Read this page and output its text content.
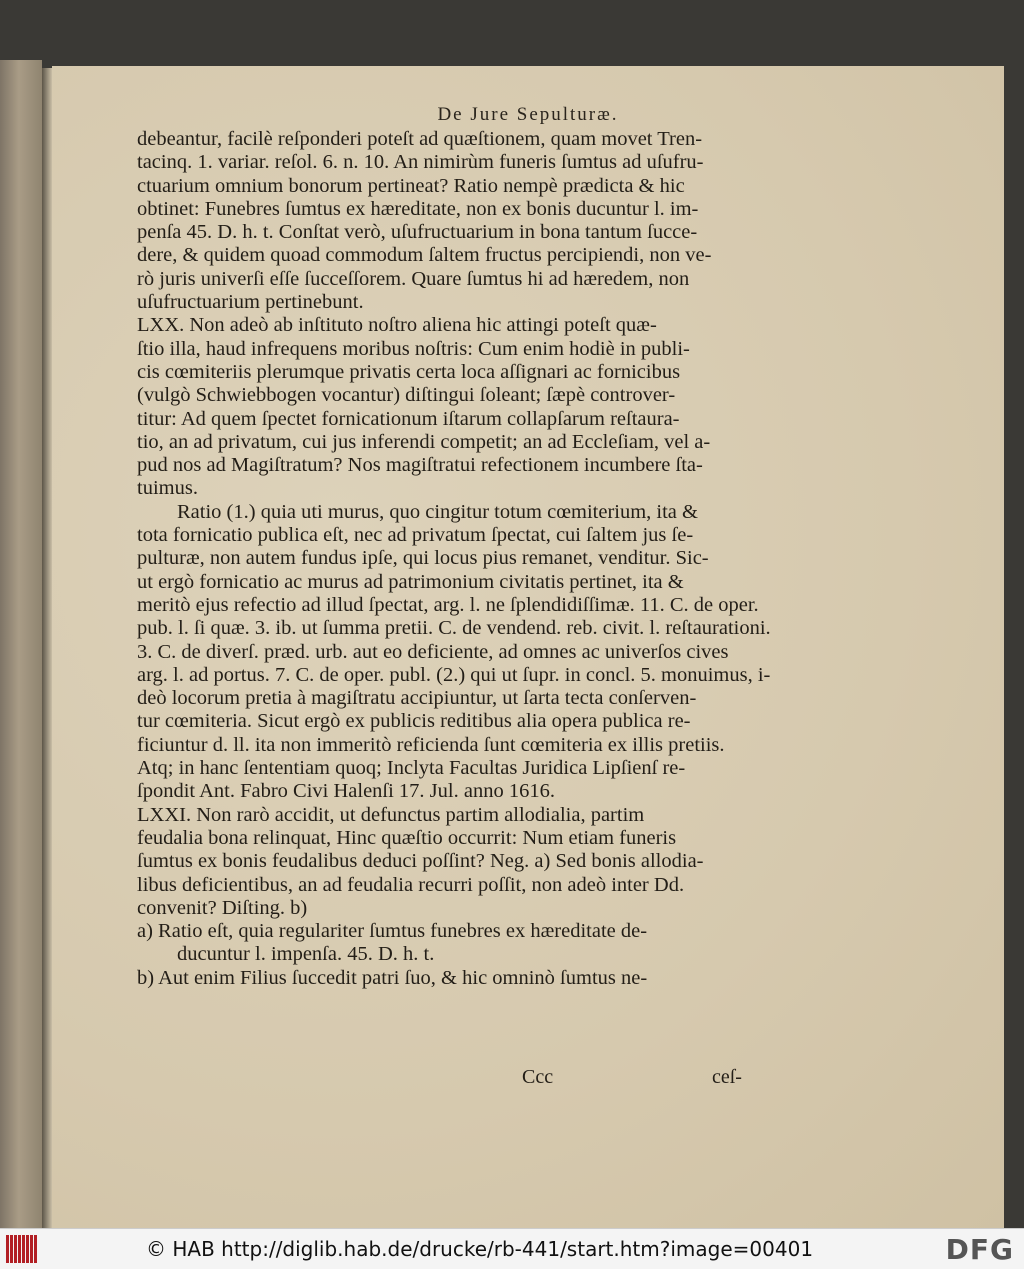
De Jure Sepulturæ.
debeantur, facilè reſponderi poteſt ad quæſtionem, quam movet Tren-
tacinq. 1. variar. reſol. 6. n. 10. An nimirùm funeris ſumtus ad uſufru-
ctuarium omnium bonorum pertineat? Ratio nempè prædicta & hic
obtinet: Funebres ſumtus ex hæreditate, non ex bonis ducuntur l. im-
penſa 45. D. h. t. Conſtat verò, uſufructuarium in bona tantum ſucce-
dere, & quidem quoad commodum ſaltem fructus percipiendi, non ve-
rò juris univerſi eſſe ſucceſſorem. Quare ſumtus hi ad hæredem, non
uſufructuarium pertinebunt.
LXX. Non adeò ab inſtituto noſtro aliena hic attingi poteſt quæ-
ſtio illa, haud infrequens moribus noſtris: Cum enim hodiè in publi-
cis cœmiteriis plerumque privatis certa loca aſſignari ac fornicibus
(vulgò Schwiebbogen vocantur) diſtingui ſoleant; ſæpè controver-
titur: Ad quem ſpectet fornicationum iſtarum collapſarum reſtaura-
tio, an ad privatum, cui jus inferendi competit; an ad Eccleſiam, vel a-
pud nos ad Magiſtratum? Nos magiſtratui refectionem incumbere ſta-
tuimus.
Ratio (1.) quia uti murus, quo cingitur totum cœmiterium, ita &
tota fornicatio publica eſt, nec ad privatum ſpectat, cui ſaltem jus ſe-
pulturæ, non autem fundus ipſe, qui locus pius remanet, venditur. Sic-
ut ergò fornicatio ac murus ad patrimonium civitatis pertinet, ita &
meritò ejus refectio ad illud ſpectat, arg. l. ne ſplendidiſſimæ. 11. C. de oper.
pub. l. ſi quæ. 3. ib. ut ſumma pretii. C. de vendend. reb. civit. l. reſtaurationi.
3. C. de diverſ. præd. urb. aut eo deficiente, ad omnes ac univerſos cives
arg. l. ad portus. 7. C. de oper. publ. (2.) qui ut ſupr. in concl. 5. monuimus, i-
deò locorum pretia à magiſtratu accipiuntur, ut ſarta tecta conſerven-
tur cœmiteria. Sicut ergò ex publicis reditibus alia opera publica re-
ficiuntur d. ll. ita non immeritò reficienda ſunt cœmiteria ex illis pretiis.
Atq; in hanc ſententiam quoq; Inclyta Facultas Juridica Lipſienſ re-
ſpondit Ant. Fabro Civi Halenſi 17. Jul. anno 1616.
LXXI. Non rarò accidit, ut defunctus partim allodialia, partim
feudalia bona relinquat, Hinc quæſtio occurrit: Num etiam funeris
ſumtus ex bonis feudalibus deduci poſſint? Neg. a) Sed bonis allodia-
libus deficientibus, an ad feudalia recurri poſſit, non adeò inter Dd.
convenit? Diſting. b)
a) Ratio eſt, quia regulariter ſumtus funebres ex hæreditate de-
ducuntur l. impenſa. 45. D. h. t.
b) Aut enim Filius ſuccedit patri ſuo, & hic omninò ſumtus ne-
Ccc	ceſ-
© HAB http://diglib.hab.de/drucke/rb-441/start.htm?image=00401	DFG
